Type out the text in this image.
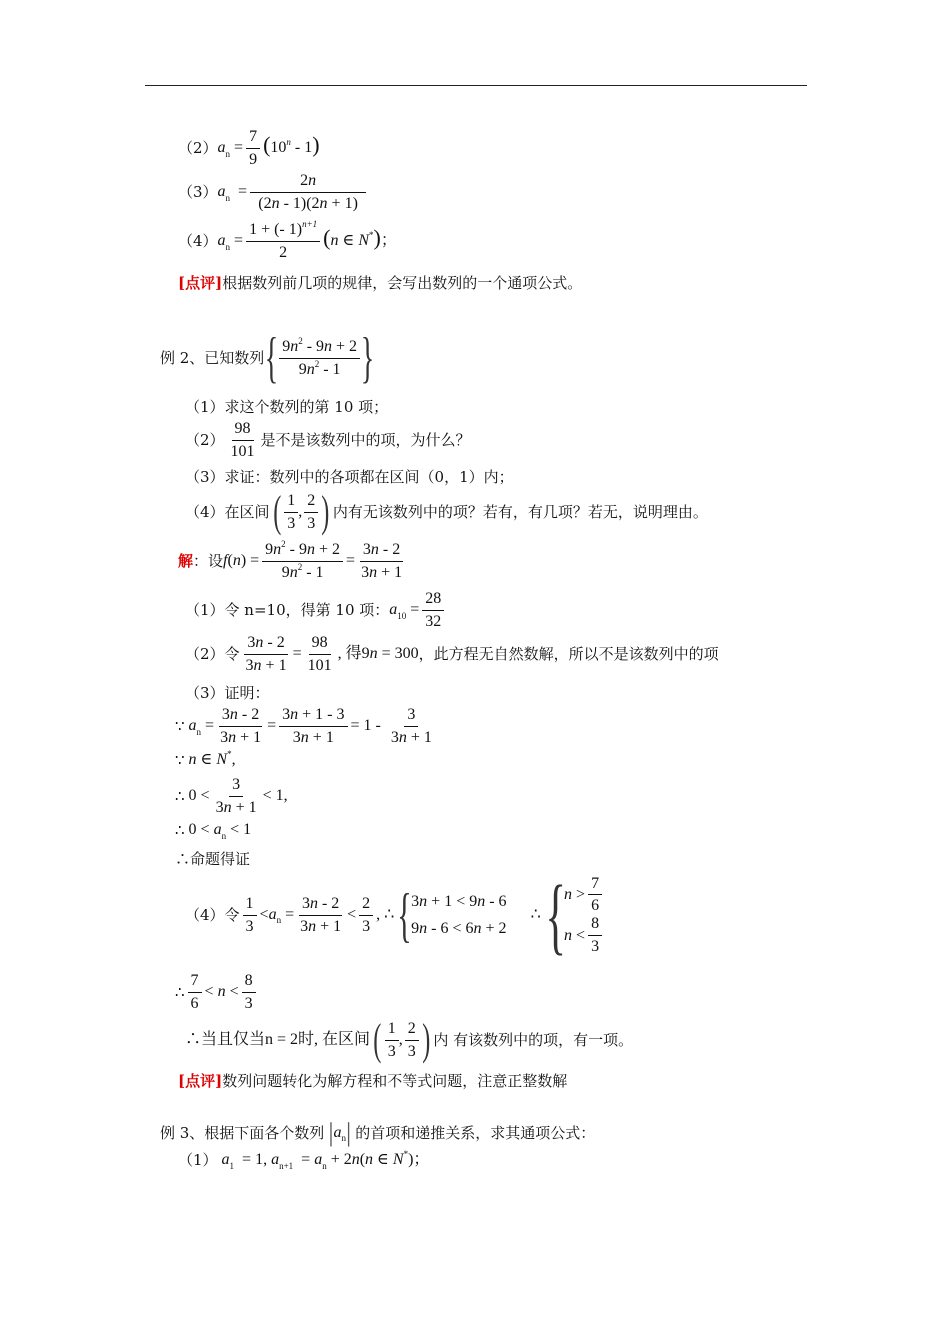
（2） $a_n = \frac{7}{9} (10^n - 1)$
（3） $a_n = \frac{2n}{(2n - 1)(2n + 1)}$
（4） $a_n = \frac{1 + (- 1)^{n+1}}{2} (n$ ∈ N*)；
[点评] 根据数列前几项的规律，会写出数列的一个通项公式。
例 2、已知数列 { $\frac{9n^2 - 9n + 2}{9n^2 - 1}$ }
（1）求这个数列的第 10 项；
$(2) \frac{98}{101}$ 是不是该数列中的项，为什么？
（3）求证：数列中的各项都在区间（0，1）内；
（4）在区间 ( $\frac{1}{3}$ , $\frac{2}{3}$ ) 内有无该数列中的项？若有，有几项？若无，说明理由。
解 ：设 $f(n) = \frac{9n^2 - 9n + 2}{9n^2 - 1} = \frac{3n - 2}{3n + 1}$
（1）令 n=10，得第 10 项： $a_{10} = \frac{28}{32}$
（2）令 $\frac{3n - 2}{3n + 1} = \frac{98}{101}$ , 得9n = 300 ，此方程无自然数解，所以不是该数列中的项
（3）证明：
∵ $a_n = \frac{3n - 2}{3n + 1} = \frac{3n + 1 - 3}{3n + 1} = 1 - \frac{3}{3n + 1}$
∵ n ∈ N*,
∴ $0 < \frac{3}{3n + 1} < 1$,
∴ $0 < a_n < 1$
∴命题得证
（4）令 $\frac{1}{3} < a$ $n = \frac{3n - 2}{3n + 1} < \frac{2}{3}$ , ∴ { 3n + 1 < 9n - 6
9n - 6 < 6n + 2
∴ {
$n > \frac{7}{6}$
$n < \frac{8}{3}$
∴ $\frac{7}{6} < n < \frac{8}{3}$
∴当且仅当n = 2时, 在区间 ( $\frac{1}{3}$ , $\frac{2}{3}$ ) 内 有该数列中的项，有一项。
[点评] 数列问题转化为解方程和不等式问题，注意正整数解
例 3、根据下面各个数列 | a n | 的首项和递推关系，求其通项公式：
（1） $a_1 = 1$, $a_{n+1} = a_n + 2n(n$ ∈ N*)；
